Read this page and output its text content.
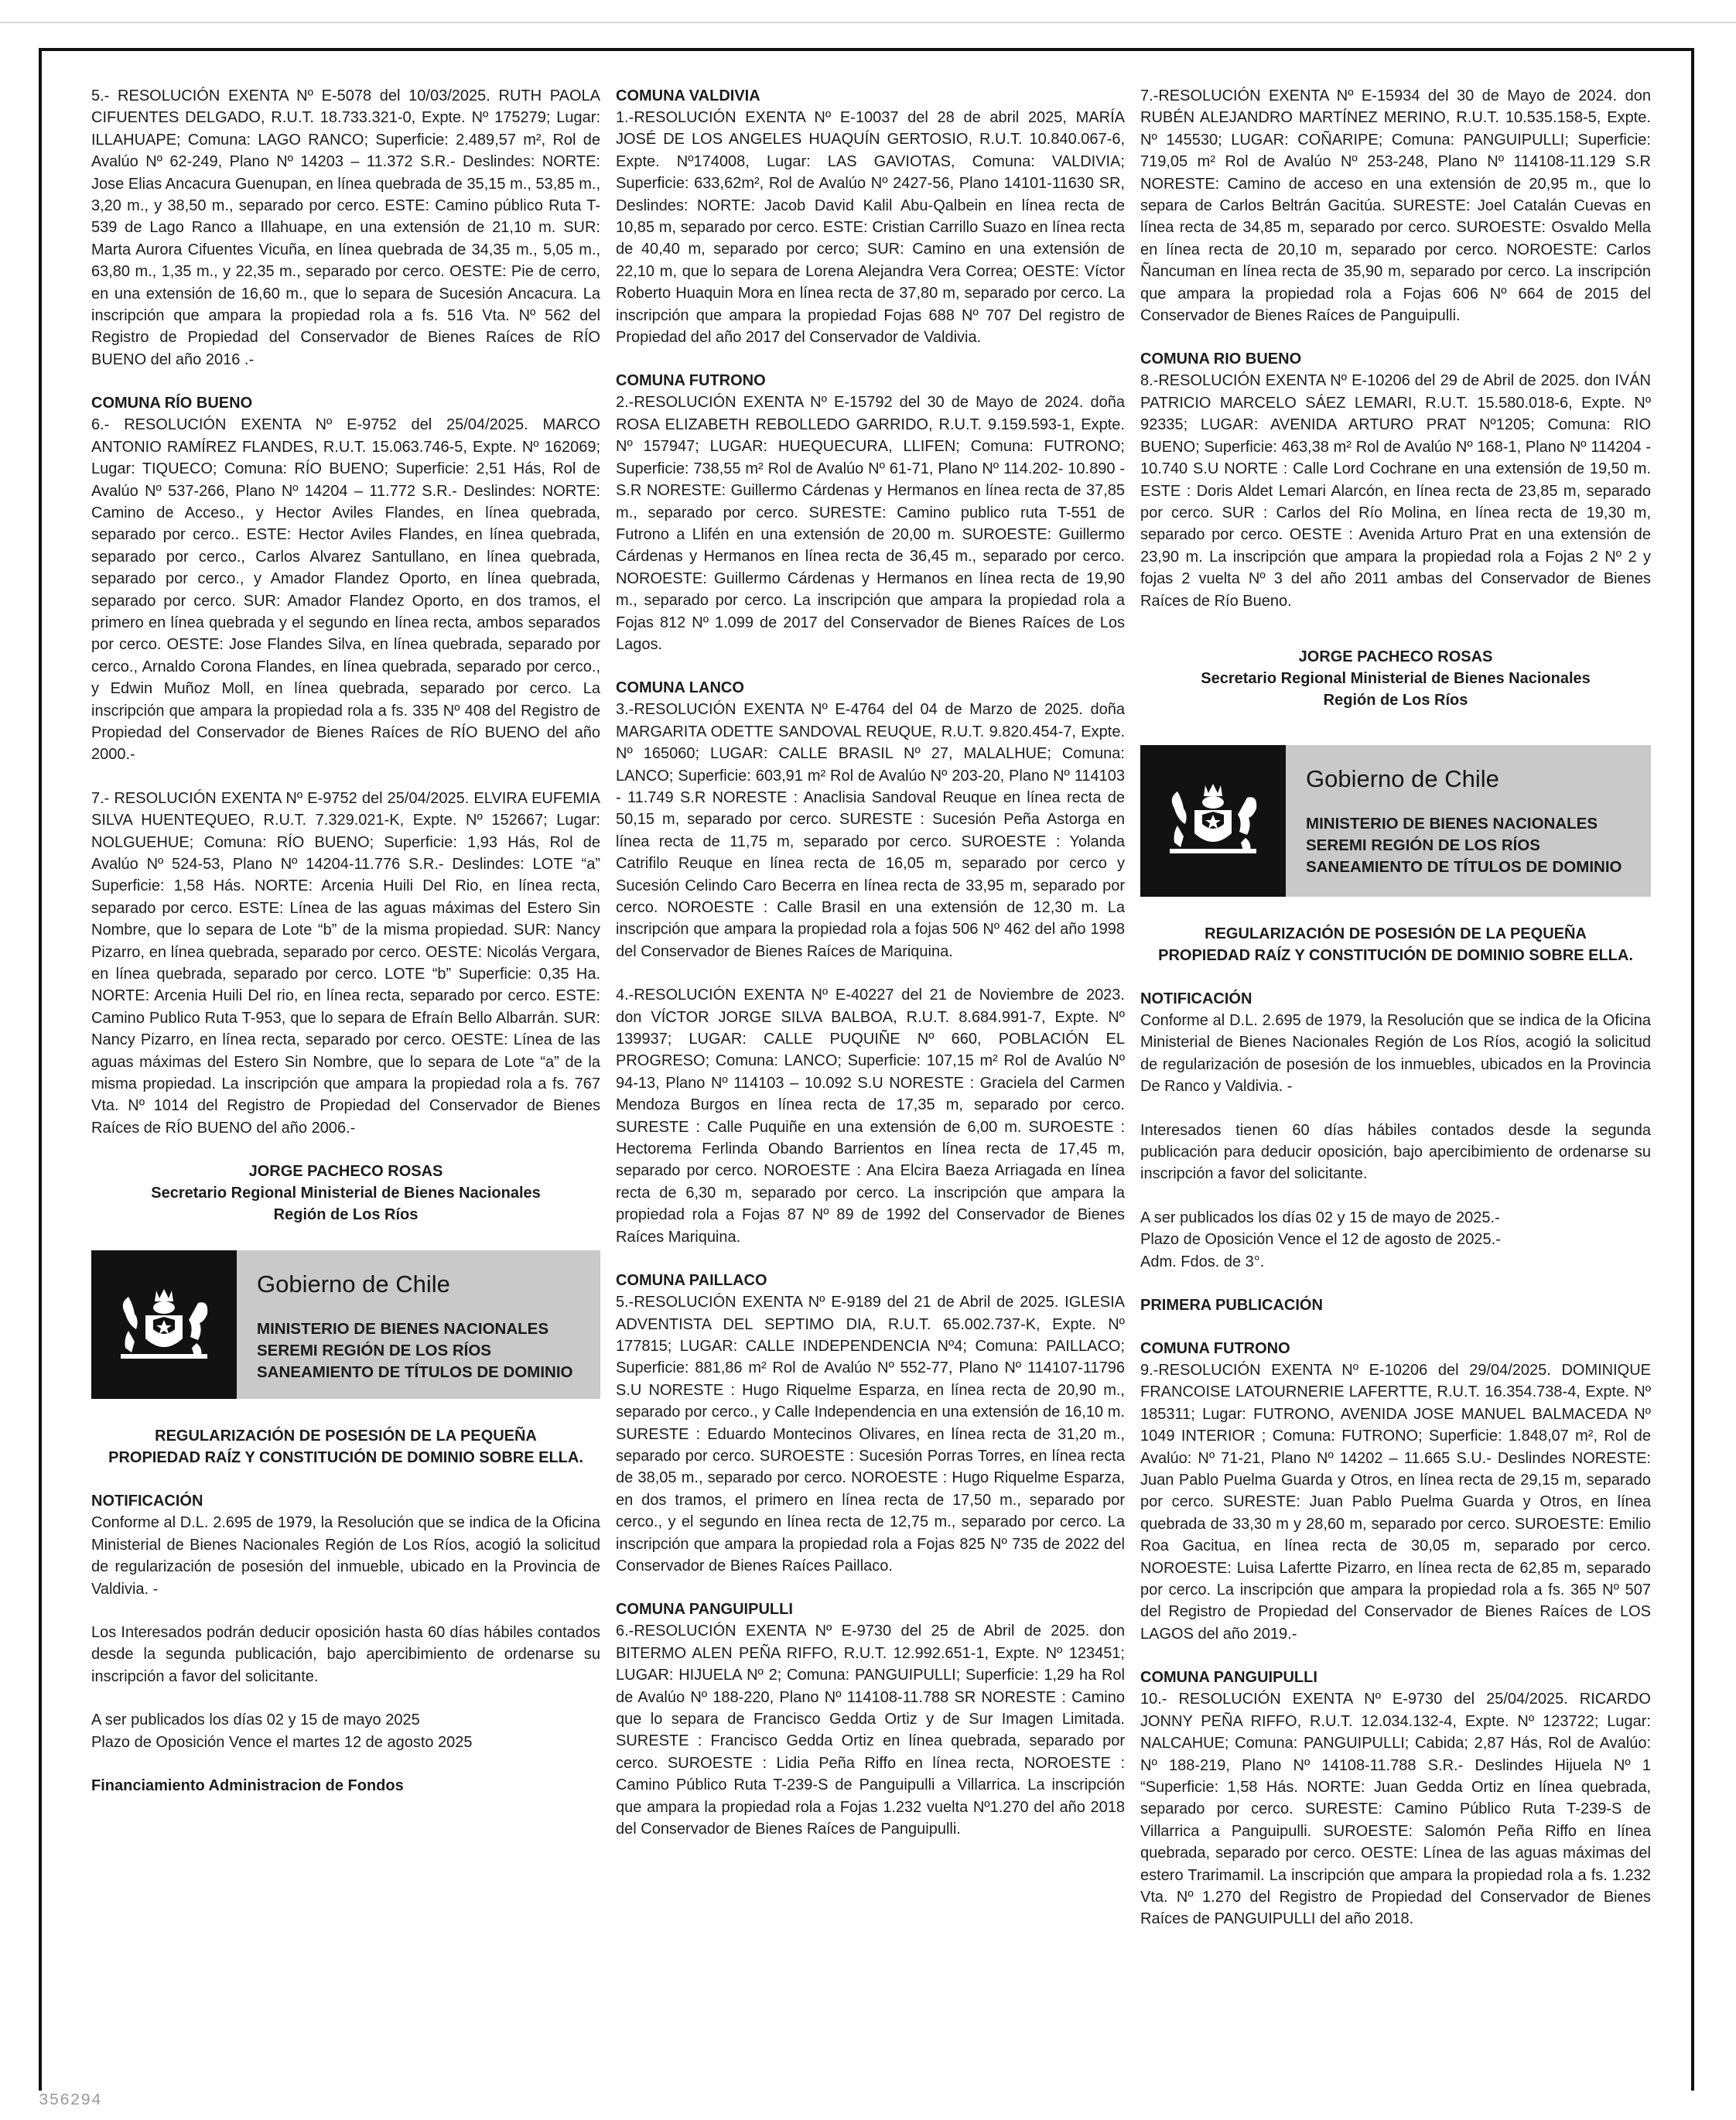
5.- RESOLUCIÓN EXENTA Nº E-5078 del 10/03/2025. RUTH PAOLA CIFUENTES DELGADO, R.U.T. 18.733.321-0, Expte. Nº 175279; Lugar: ILLAHUAPE; Comuna: LAGO RANCO; Superficie: 2.489,57 m², Rol de Avalúo Nº 62-249, Plano Nº 14203 – 11.372 S.R.- Deslindes: NORTE: Jose Elias Ancacura Guenupan, en línea quebrada de 35,15 m., 53,85 m., 3,20 m., y 38,50 m., separado por cerco. ESTE: Camino público Ruta T-539 de Lago Ranco a Illahuape, en una extensión de 21,10 m. SUR: Marta Aurora Cifuentes Vicuña, en línea quebrada de 34,35 m., 5,05 m., 63,80 m., 1,35 m., y 22,35 m., separado por cerco. OESTE: Pie de cerro, en una extensión de 16,60 m., que lo separa de Sucesión Ancacura. La inscripción que ampara la propiedad rola a fs. 516 Vta. Nº 562 del Registro de Propiedad del Conservador de Bienes Raíces de RÍO BUENO del año 2016 .-

COMUNA RÍO BUENO

6.- RESOLUCIÓN EXENTA Nº E-9752 del 25/04/2025. MARCO ANTONIO RAMÍREZ FLANDES, R.U.T. 15.063.746-5, Expte. Nº 162069; Lugar: TIQUECO; Comuna: RÍO BUENO; Superficie: 2,51 Hás, Rol de Avalúo Nº 537-266, Plano Nº 14204 – 11.772 S.R.- Deslindes: NORTE: Camino de Acceso., y Hector Aviles Flandes, en línea quebrada, separado por cerco.. ESTE: Hector Aviles Flandes, en línea quebrada, separado por cerco., Carlos Alvarez Santullano, en línea quebrada, separado por cerco., y Amador Flandez Oporto, en línea quebrada, separado por cerco. SUR: Amador Flandez Oporto, en dos tramos, el primero en línea quebrada y el segundo en línea recta, ambos separados por cerco. OESTE: Jose Flandes Silva, en línea quebrada, separado por cerco., Arnaldo Corona Flandes, en línea quebrada, separado por cerco., y Edwin Muñoz Moll, en línea quebrada, separado por cerco. La inscripción que ampara la propiedad rola a fs. 335 Nº 408 del Registro de Propiedad del Conservador de Bienes Raíces de RÍO BUENO del año 2000.-

7.- RESOLUCIÓN EXENTA Nº E-9752 del 25/04/2025. ELVIRA EUFEMIA SILVA HUENTEQUEO, R.U.T. 7.329.021-K, Expte. Nº 152667; Lugar: NOLGUEHUE; Comuna: RÍO BUENO; Superficie: 1,93 Hás, Rol de Avalúo Nº 524-53, Plano Nº 14204-11.776 S.R.- Deslindes: LOTE “a” Superficie: 1,58 Hás. NORTE: Arcenia Huili Del Rio, en línea recta, separado por cerco. ESTE: Línea de las aguas máximas del Estero Sin Nombre, que lo separa de Lote “b” de la misma propiedad. SUR: Nancy Pizarro, en línea quebrada, separado por cerco. OESTE: Nicolás Vergara, en línea quebrada, separado por cerco. LOTE “b” Superficie: 0,35 Ha. NORTE: Arcenia Huili Del rio, en línea recta, separado por cerco. ESTE: Camino Publico Ruta T-953, que lo separa de Efraín Bello Albarrán. SUR: Nancy Pizarro, en línea recta, separado por cerco. OESTE: Línea de las aguas máximas del Estero Sin Nombre, que lo separa de Lote “a” de la misma propiedad. La inscripción que ampara la propiedad rola a fs. 767 Vta. Nº 1014 del Registro de Propiedad del Conservador de Bienes Raíces de RÍO BUENO del año 2006.-

JORGE PACHECO ROSAS
Secretario Regional Ministerial de Bienes Nacionales
Región de Los Ríos
Gobierno de Chile
MINISTERIO DE BIENES NACIONALES
SEREMI REGIÓN DE LOS RÍOS
SANEAMIENTO DE TÍTULOS DE DOMINIO
REGULARIZACIÓN DE POSESIÓN DE LA PEQUEÑA
PROPIEDAD RAÍZ Y CONSTITUCIÓN DE DOMINIO SOBRE ELLA.
NOTIFICACIÓN

Conforme al D.L. 2.695 de 1979, la Resolución que se indica de la Oficina Ministerial de Bienes Nacionales Región de Los Ríos, acogió la solicitud de regularización de posesión del inmueble, ubicado en la Provincia de Valdivia. -

Los Interesados podrán deducir oposición hasta 60 días hábiles contados desde la segunda publicación, bajo apercibimiento de ordenarse su inscripción a favor del solicitante.

A ser publicados los días 02 y 15 de mayo 2025

Plazo de Oposición Vence el martes 12 de agosto 2025

Financiamiento Administracion de Fondos
COMUNA VALDIVIA

1.-RESOLUCIÓN EXENTA Nº E-10037 del 28 de abril 2025, MARÍA JOSÉ DE LOS ANGELES HUAQUÍN GERTOSIO, R.U.T. 10.840.067-6, Expte. Nº174008, Lugar: LAS GAVIOTAS, Comuna: VALDIVIA; Superficie: 633,62m², Rol de Avalúo Nº 2427-56, Plano 14101-11630 SR, Deslindes: NORTE: Jacob David Kalil Abu-Qalbein en línea recta de 10,85 m, separado por cerco. ESTE: Cristian Carrillo Suazo en línea recta de 40,40 m, separado por cerco; SUR: Camino en una extensión de 22,10 m, que lo separa de Lorena Alejandra Vera Correa; OESTE: Víctor Roberto Huaquin Mora en línea recta de 37,80 m, separado por cerco. La inscripción que ampara la propiedad Fojas 688 Nº 707 Del registro de Propiedad del año 2017 del Conservador de Valdivia.

COMUNA FUTRONO

2.-RESOLUCIÓN EXENTA Nº E-15792 del 30 de Mayo de 2024. doña ROSA ELIZABETH REBOLLEDO GARRIDO, R.U.T. 9.159.593-1, Expte. Nº 157947; LUGAR: HUEQUECURA, LLIFEN; Comuna: FUTRONO; Superficie: 738,55 m² Rol de Avalúo Nº 61-71, Plano Nº 114.202- 10.890 -S.R NORESTE: Guillermo Cárdenas y Hermanos en línea recta de 37,85 m., separado por cerco. SURESTE: Camino publico ruta T-551 de Futrono a Llifén en una extensión de 20,00 m. SUROESTE: Guillermo Cárdenas y Hermanos en línea recta de 36,45 m., separado por cerco. NOROESTE: Guillermo Cárdenas y Hermanos en línea recta de 19,90 m., separado por cerco. La inscripción que ampara la propiedad rola a Fojas 812 Nº 1.099 de 2017 del Conservador de Bienes Raíces de Los Lagos.

COMUNA LANCO

3.-RESOLUCIÓN EXENTA Nº E-4764 del 04 de Marzo de 2025. doña MARGARITA ODETTE SANDOVAL REUQUE, R.U.T. 9.820.454-7, Expte. Nº 165060; LUGAR: CALLE BRASIL Nº 27, MALALHUE; Comuna: LANCO; Superficie: 603,91 m² Rol de Avalúo Nº 203-20, Plano Nº 114103 - 11.749 S.R NORESTE : Anaclisia Sandoval Reuque en línea recta de 50,15 m, separado por cerco. SURESTE : Sucesión Peña Astorga en línea recta de 11,75 m, separado por cerco. SUROESTE : Yolanda Catrifilo Reuque en línea recta de 16,05 m, separado por cerco y Sucesión Celindo Caro Becerra en línea recta de 33,95 m, separado por cerco. NOROESTE : Calle Brasil en una extensión de 12,30 m. La inscripción que ampara la propiedad rola a fojas 506 Nº 462 del año 1998 del Conservador de Bienes Raíces de Mariquina.

4.-RESOLUCIÓN EXENTA Nº E-40227 del 21 de Noviembre de 2023. don VÍCTOR JORGE SILVA BALBOA, R.U.T. 8.684.991-7, Expte. Nº 139937; LUGAR: CALLE PUQUIÑE Nº 660, POBLACIÓN EL PROGRESO; Comuna: LANCO; Superficie: 107,15 m² Rol de Avalúo Nº 94-13, Plano Nº 114103 – 10.092 S.U NORESTE : Graciela del Carmen Mendoza Burgos en línea recta de 17,35 m, separado por cerco. SURESTE : Calle Puquiñe en una extensión de 6,00 m. SUROESTE : Hectorema Ferlinda Obando Barrientos en línea recta de 17,45 m, separado por cerco. NOROESTE : Ana Elcira Baeza Arriagada en línea recta de 6,30 m, separado por cerco. La inscripción que ampara la propiedad rola a Fojas 87 Nº 89 de 1992 del Conservador de Bienes Raíces Mariquina.

COMUNA PAILLACO

5.-RESOLUCIÓN EXENTA Nº E-9189 del 21 de Abril de 2025. IGLESIA ADVENTISTA DEL SEPTIMO DIA, R.U.T. 65.002.737-K, Expte. Nº 177815; LUGAR: CALLE INDEPENDENCIA Nº4; Comuna: PAILLACO; Superficie: 881,86 m² Rol de Avalúo Nº 552-77, Plano Nº 114107-11796 S.U NORESTE : Hugo Riquelme Esparza, en línea recta de 20,90 m., separado por cerco., y Calle Independencia en una extensión de 16,10 m. SURESTE : Eduardo Montecinos Olivares, en línea recta de 31,20 m., separado por cerco. SUROESTE : Sucesión Porras Torres, en línea recta de 38,05 m., separado por cerco. NOROESTE : Hugo Riquelme Esparza, en dos tramos, el primero en línea recta de 17,50 m., separado por cerco., y el segundo en línea recta de 12,75 m., separado por cerco. La inscripción que ampara la propiedad rola a Fojas 825 Nº 735 de 2022 del Conservador de Bienes Raíces Paillaco.

COMUNA PANGUIPULLI

6.-RESOLUCIÓN EXENTA Nº E-9730 del 25 de Abril de 2025. don BITERMO ALEN PEÑA RIFFO, R.U.T. 12.992.651-1, Expte. Nº 123451; LUGAR: HIJUELA Nº 2; Comuna: PANGUIPULLI; Superficie: 1,29 ha Rol de Avalúo Nº 188-220, Plano Nº 114108-11.788 SR NORESTE : Camino que lo separa de Francisco Gedda Ortiz y de Sur Imagen Limitada. SURESTE : Francisco Gedda Ortiz en línea quebrada, separado por cerco. SUROESTE : Lidia Peña Riffo en línea recta, NOROESTE : Camino Público Ruta T-239-S de Panguipulli a Villarrica. La inscripción que ampara la propiedad rola a Fojas 1.232 vuelta Nº1.270 del año 2018 del Conservador de Bienes Raíces de Panguipulli.

7.-RESOLUCIÓN EXENTA Nº E-15934 del 30 de Mayo de 2024. don RUBÉN ALEJANDRO MARTÍNEZ MERINO, R.U.T. 10.535.158-5, Expte. Nº 145530; LUGAR: COÑARIPE; Comuna: PANGUIPULLI; Superficie: 719,05 m² Rol de Avalúo Nº 253-248, Plano Nº 114108-11.129 S.R NORESTE: Camino de acceso en una extensión de 20,95 m., que lo separa de Carlos Beltrán Gacitúa. SURESTE: Joel Catalán Cuevas en línea recta de 34,85 m, separado por cerco. SUROESTE: Osvaldo Mella en línea recta de 20,10 m, separado por cerco. NOROESTE: Carlos Ñancuman en línea recta de 35,90 m, separado por cerco. La inscripción que ampara la propiedad rola a Fojas 606 Nº 664 de 2015 del Conservador de Bienes Raíces de Panguipulli.

COMUNA RIO BUENO

8.-RESOLUCIÓN EXENTA Nº E-10206 del 29 de Abril de 2025. don IVÁN PATRICIO MARCELO SÁEZ LEMARI, R.U.T. 15.580.018-6, Expte. Nº 92335; LUGAR: AVENIDA ARTURO PRAT Nº1205; Comuna: RIO BUENO; Superficie: 463,38 m² Rol de Avalúo Nº 168-1, Plano Nº 114204 - 10.740 S.U NORTE : Calle Lord Cochrane en una extensión de 19,50 m. ESTE : Doris Aldet Lemari Alarcón, en línea recta de 23,85 m, separado por cerco. SUR : Carlos del Río Molina, en línea recta de 19,30 m, separado por cerco. OESTE : Avenida Arturo Prat en una extensión de 23,90 m. La inscripción que ampara la propiedad rola a Fojas 2 Nº 2 y fojas 2 vuelta Nº 3 del año 2011 ambas del Conservador de Bienes Raíces de Río Bueno.

JORGE PACHECO ROSAS
Secretario Regional Ministerial de Bienes Nacionales
Región de Los Ríos
Gobierno de Chile
MINISTERIO DE BIENES NACIONALES
SEREMI REGIÓN DE LOS RÍOS
SANEAMIENTO DE TÍTULOS DE DOMINIO
REGULARIZACIÓN DE POSESIÓN DE LA PEQUEÑA
PROPIEDAD RAÍZ Y CONSTITUCIÓN DE DOMINIO SOBRE ELLA.
NOTIFICACIÓN

Conforme al D.L. 2.695 de 1979, la Resolución que se indica de la Oficina Ministerial de Bienes Nacionales Región de Los Ríos, acogió la solicitud de regularización de posesión de los inmuebles, ubicados en la Provincia De Ranco y Valdivia. -

Interesados tienen 60 días hábiles contados desde la segunda publicación para deducir oposición, bajo apercibimiento de ordenarse su inscripción a favor del solicitante.

A ser publicados los días 02 y 15 de mayo de 2025.-

Plazo de Oposición Vence el 12 de agosto de 2025.-

Adm. Fdos. de 3°.

PRIMERA PUBLICACIÓN
COMUNA FUTRONO

9.-RESOLUCIÓN EXENTA Nº E-10206 del 29/04/2025. DOMINIQUE FRANCOISE LATOURNERIE LAFERTTE, R.U.T. 16.354.738-4, Expte. Nº 185311; Lugar: FUTRONO, AVENIDA JOSE MANUEL BALMACEDA Nº 1049 INTERIOR ; Comuna: FUTRONO; Superficie: 1.848,07 m², Rol de Avalúo: Nº 71-21, Plano Nº 14202 – 11.665 S.U.- Deslindes NORESTE: Juan Pablo Puelma Guarda y Otros, en línea recta de 29,15 m, separado por cerco. SURESTE: Juan Pablo Puelma Guarda y Otros, en línea quebrada de 33,30 m y 28,60 m, separado por cerco. SUROESTE: Emilio Roa Gacitua, en línea recta de 30,05 m, separado por cerco. NOROESTE: Luisa Lafertte Pizarro, en línea recta de 62,85 m, separado por cerco. La inscripción que ampara la propiedad rola a fs. 365 Nº 507 del Registro de Propiedad del Conservador de Bienes Raíces de LOS LAGOS del año 2019.-

COMUNA PANGUIPULLI

10.- RESOLUCIÓN EXENTA Nº E-9730 del 25/04/2025. RICARDO JONNY PEÑA RIFFO, R.U.T. 12.034.132-4, Expte. Nº 123722; Lugar: NALCAHUE; Comuna: PANGUIPULLI; Cabida; 2,87 Hás, Rol de Avalúo: Nº 188-219, Plano Nº 14108-11.788 S.R.- Deslindes Hijuela Nº 1 “Superficie: 1,58 Hás. NORTE: Juan Gedda Ortiz en línea quebrada, separado por cerco. SURESTE: Camino Público Ruta T-239-S de Villarrica a Panguipulli. SUROESTE: Salomón Peña Riffo en línea quebrada, separado por cerco. OESTE: Línea de las aguas máximas del estero Trarimamil. La inscripción que ampara la propiedad rola a fs. 1.232 Vta. Nº 1.270 del Registro de Propiedad del Conservador de Bienes Raíces de PANGUIPULLI del año 2018.

356294
